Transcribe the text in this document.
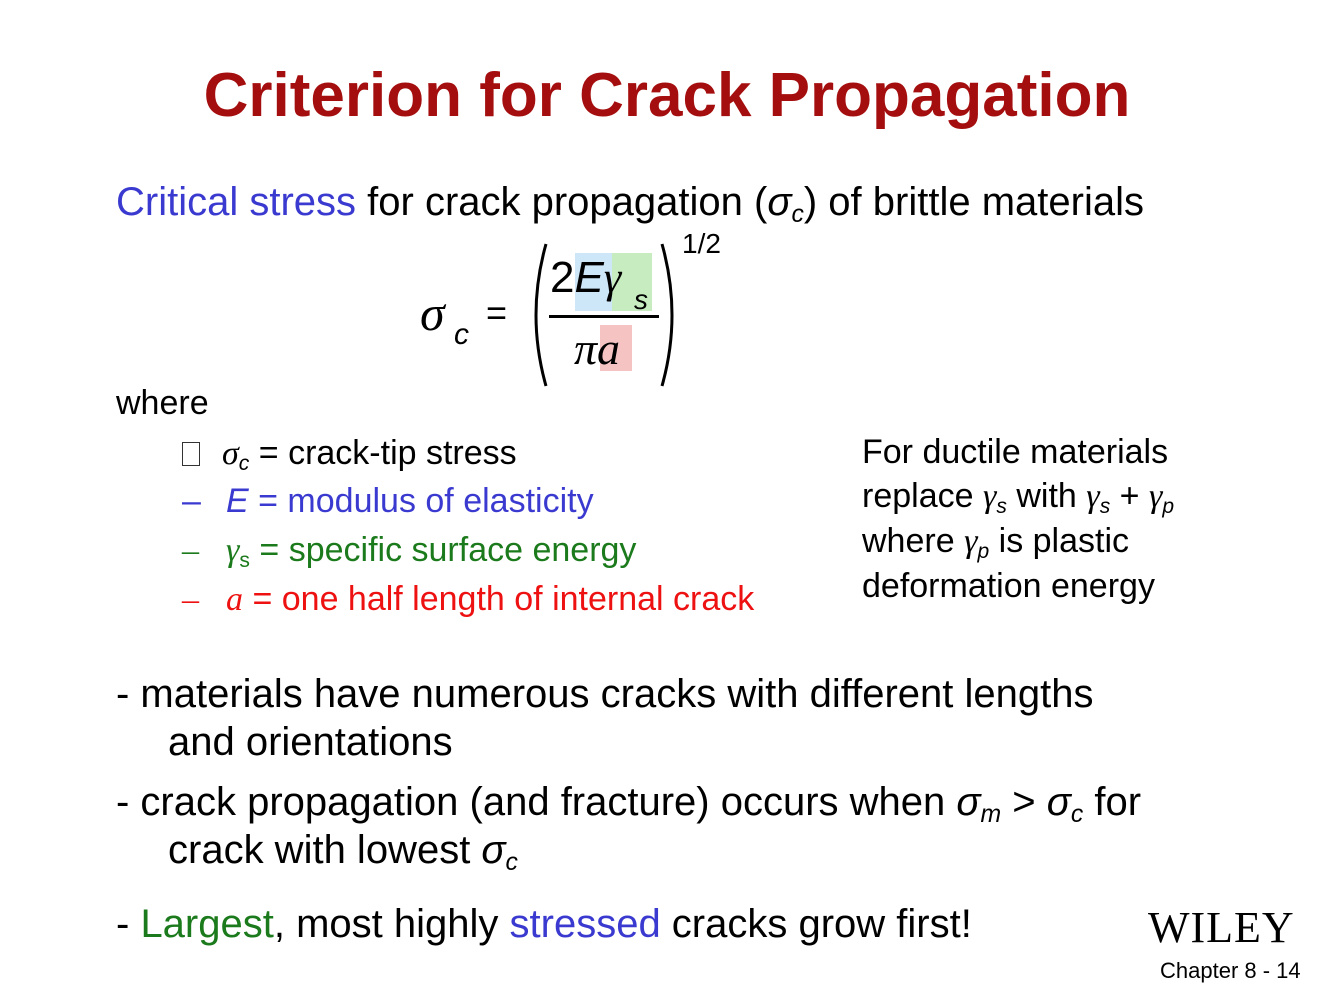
Criterion for Crack Propagation
Critical stress for crack propagation $(\sigma_c)$ of brittle materials
σ c
=
2Eγ s
πa
1/2
where
$\sigma_c$ = crack-tip stress
– E = modulus of elasticity
– $\gamma_s$ = specific surface energy
– a = one half length of internal crack
For ductile materials
replace $\gamma_s$ with $\gamma_s + \gamma_p$
where $\gamma_p$ is plastic
deformation energy
- materials have numerous cracks with different lengths
and orientations
- crack propagation (and fracture) occurs when $\sigma_m > \sigma_c$ for
crack with lowest $\sigma_c$
- Largest, most highly stressed cracks grow first!	WILEY
Chapter 8 - 14
